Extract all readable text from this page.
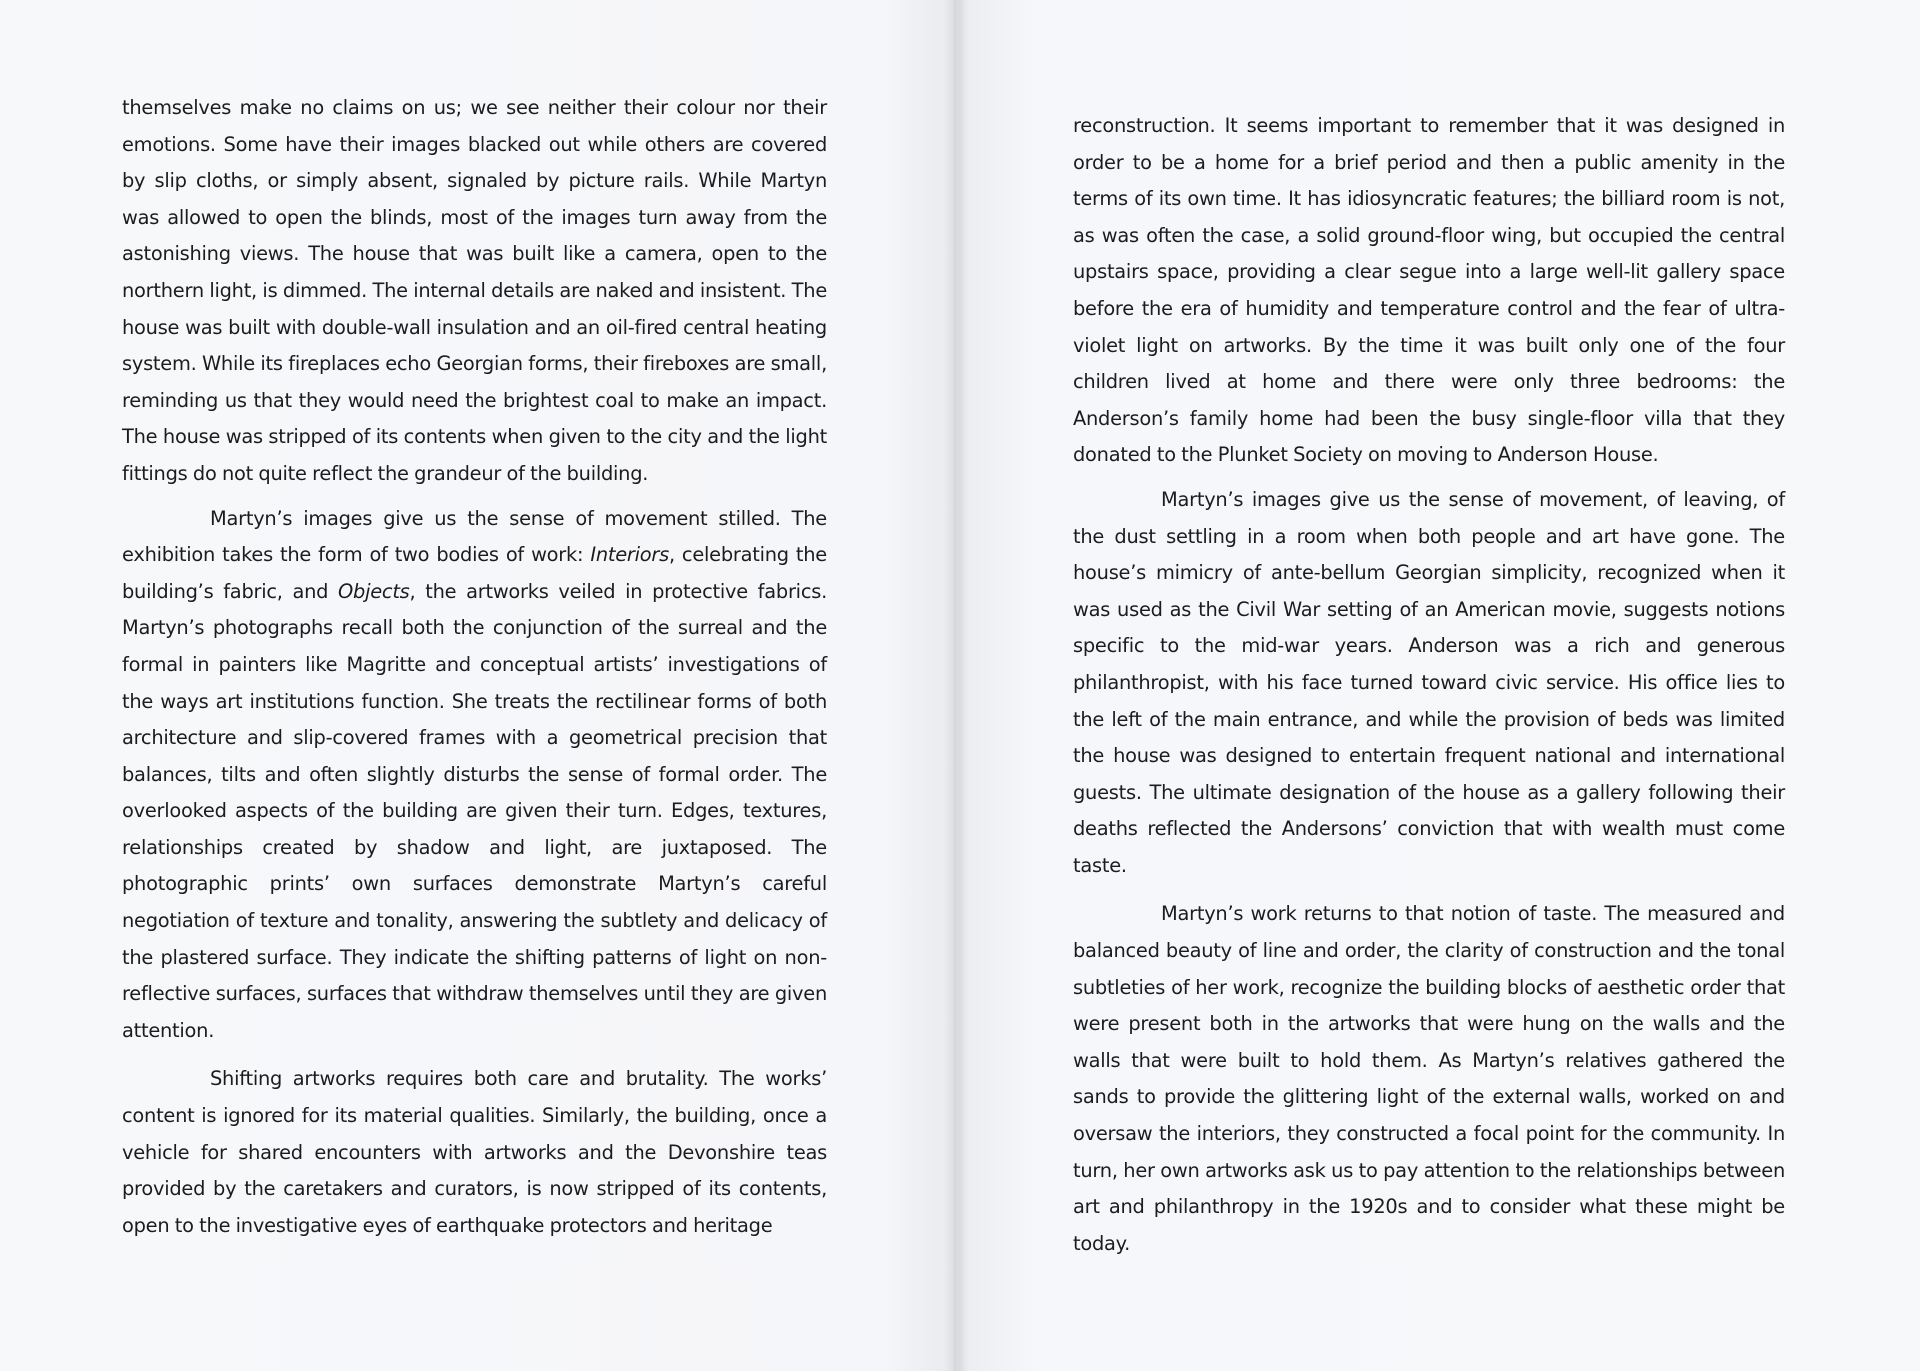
themselves make no claims on us; we see neither their colour nor their emotions. Some have their images blacked out while others are covered by slip cloths, or simply absent, signaled by picture rails. While Martyn was allowed to open the blinds, most of the images turn away from the astonishing views. The house that was built like a camera, open to the northern light, is dimmed. The internal details are naked and insistent. The house was built with double-wall insulation and an oil-fired central heating system. While its fireplaces echo Georgian forms, their fireboxes are small, reminding us that they would need the brightest coal to make an impact. The house was stripped of its contents when given to the city and the light fittings do not quite reflect the grandeur of the building.

Martyn’s images give us the sense of movement stilled. The exhibition takes the form of two bodies of work: Interiors, celebrating the building’s fabric, and Objects, the artworks veiled in protective fabrics. Martyn’s photographs recall both the conjunction of the surreal and the formal in painters like Magritte and conceptual artists’ investigations of the ways art institutions function. She treats the rectilinear forms of both architecture and slip-covered frames with a geometrical precision that balances, tilts and often slightly disturbs the sense of formal order. The overlooked aspects of the building are given their turn. Edges, textures, relationships created by shadow and light, are juxtaposed. The photographic prints’ own surfaces demonstrate Martyn’s careful negotiation of texture and tonality, answering the subtlety and delicacy of the plastered surface. They indicate the shifting patterns of light on non-reflective surfaces, surfaces that withdraw themselves until they are given attention.

Shifting artworks requires both care and brutality. The works’ content is ignored for its material qualities. Similarly, the building, once a vehicle for shared encounters with artworks and the Devonshire teas provided by the caretakers and curators, is now stripped of its contents, open to the investigative eyes of earthquake protectors and heritage

reconstruction. It seems important to remember that it was designed in order to be a home for a brief period and then a public amenity in the terms of its own time. It has idiosyncratic features; the billiard room is not, as was often the case, a solid ground-floor wing, but occupied the central upstairs space, providing a clear segue into a large well-lit gallery space before the era of humidity and temperature control and the fear of ultra-violet light on artworks. By the time it was built only one of the four children lived at home and there were only three bedrooms: the Anderson’s family home had been the busy single-floor villa that they donated to the Plunket Society on moving to Anderson House.

Martyn’s images give us the sense of movement, of leaving, of the dust settling in a room when both people and art have gone. The house’s mimicry of ante-bellum Georgian simplicity, recognized when it was used as the Civil War setting of an American movie, suggests notions specific to the mid-war years. Anderson was a rich and generous philanthropist, with his face turned toward civic service. His office lies to the left of the main entrance, and while the provision of beds was limited the house was designed to entertain frequent national and international guests. The ultimate designation of the house as a gallery following their deaths reflected the Andersons’ conviction that with wealth must come taste.

Martyn’s work returns to that notion of taste. The measured and balanced beauty of line and order, the clarity of construction and the tonal subtleties of her work, recognize the building blocks of aesthetic order that were present both in the artworks that were hung on the walls and the walls that were built to hold them. As Martyn’s relatives gathered the sands to provide the glittering light of the external walls, worked on and oversaw the interiors, they constructed a focal point for the community. In turn, her own artworks ask us to pay attention to the relationships between art and philanthropy in the 1920s and to consider what these might be today.
